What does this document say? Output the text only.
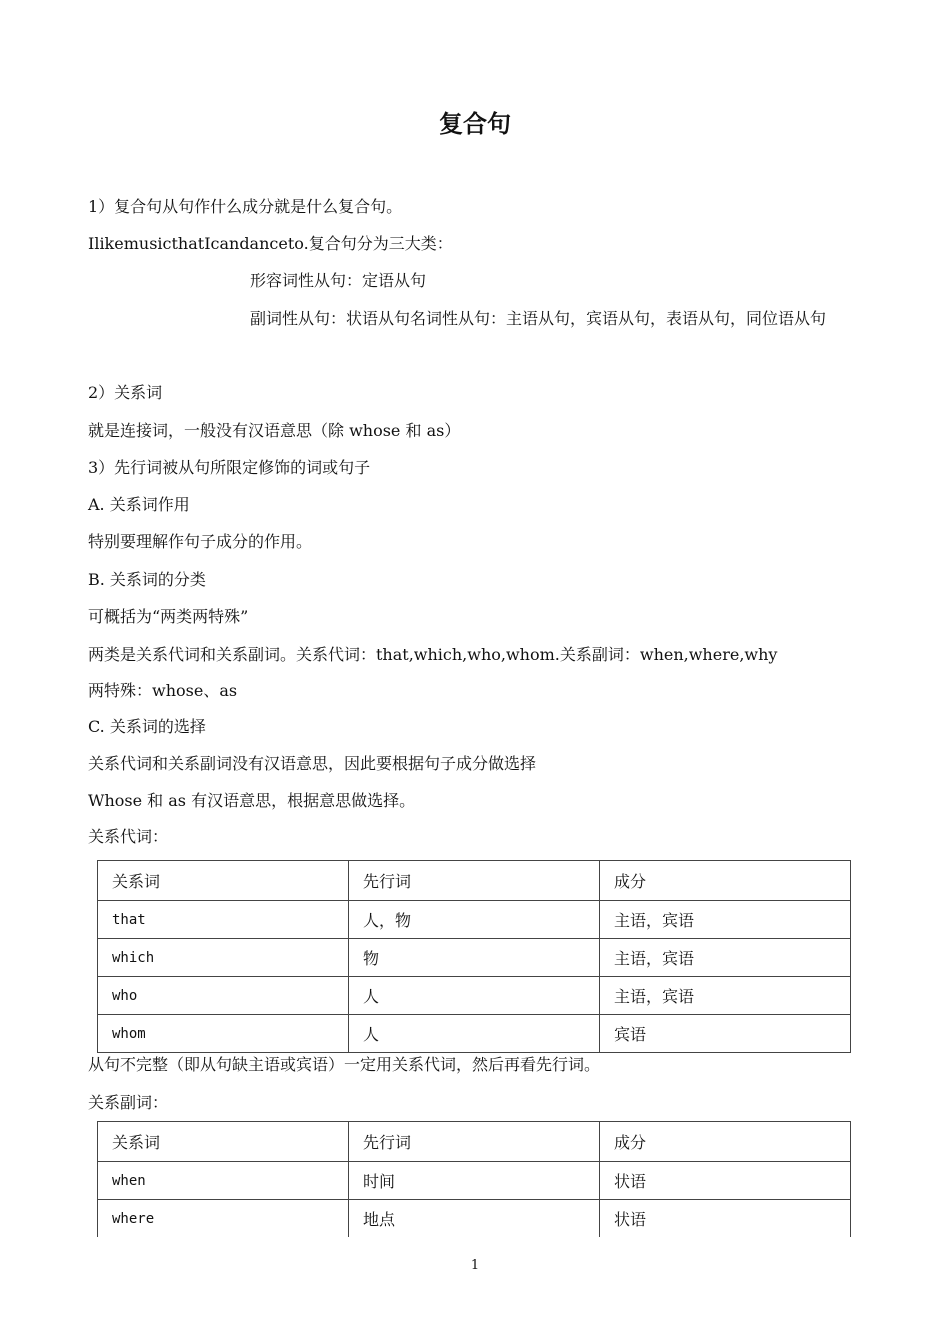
复合句
1）复合句从句作什么成分就是什么复合句。
IlikemusicthatIcandanceto.复合句分为三大类：
形容词性从句：定语从句
副词性从句：状语从句名词性从句：主语从句，宾语从句，表语从句，同位语从句
2）关系词
就是连接词，一般没有汉语意思（除 whose 和 as）
3）先行词被从句所限定修饰的词或句子
A. 关系词作用
特别要理解作句子成分的作用。
B. 关系词的分类
可概括为“两类两特殊”
两类是关系代词和关系副词。关系代词：that,which,who,whom.关系副词：when,where,why
两特殊：whose、as
C. 关系词的选择
关系代词和关系副词没有汉语意思，因此要根据句子成分做选择
Whose 和 as 有汉语意思，根据意思做选择。
关系代词：
关系词	先行词	成分
that	人，物	主语，宾语
which	物	主语，宾语
who	人	主语，宾语
whom	人	宾语
从句不完整（即从句缺主语或宾语）一定用关系代词，然后再看先行词。
关系副词：
关系词	先行词	成分
when	时间	状语
where	地点	状语
1
